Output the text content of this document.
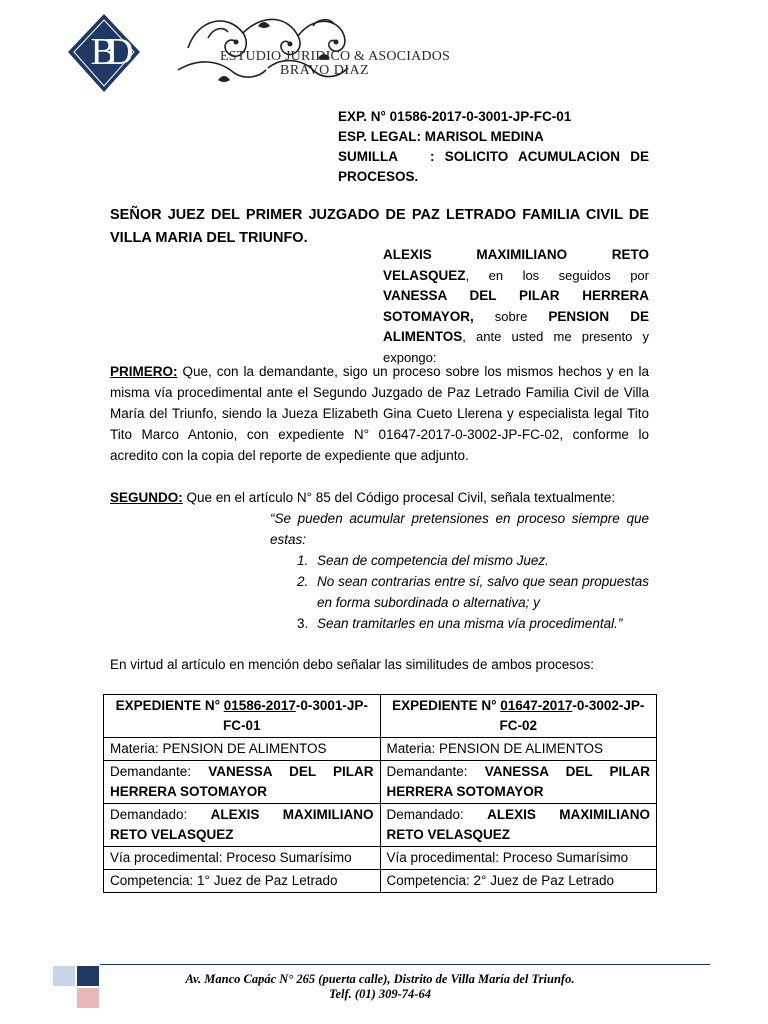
BD	ESTUDIO JURIDICO & ASOCIADOS
BRAVO DIAZ
EXP. N° 01586-2017-0-3001-JP-FC-01
ESP. LEGAL: MARISOL MEDINA
SUMILLA	: SOLICITO ACUMULACION DE
PROCESOS.
SEÑOR JUEZ DEL PRIMER JUZGADO DE PAZ LETRADO FAMILIA CIVIL DE VILLA MARIA DEL TRIUNFO.
ALEXIS MAXIMILIANO RETO VELASQUEZ, en los seguidos por VANESSA DEL PILAR HERRERA SOTOMAYOR, sobre PENSION DE ALIMENTOS, ante usted me presento y expongo:
PRIMERO: Que, con la demandante, sigo un proceso sobre los mismos hechos y en la misma vía procedimental ante el Segundo Juzgado de Paz Letrado Familia Civil de Villa María del Triunfo, siendo la Jueza Elizabeth Gina Cueto Llerena y especialista legal Tito Tito Marco Antonio, con expediente N° 01647-2017-0-3002-JP-FC-02, conforme lo acredito con la copia del reporte de expediente que adjunto.
SEGUNDO: Que en el artículo N° 85 del Código procesal Civil, señala textualmente:
“Se pueden acumular pretensiones en proceso siempre que estas:
1. Sean de competencia del mismo Juez.
2. No sean contrarias entre sí, salvo que sean propuestas en forma subordinada o alternativa; y
3. Sean tramitarles en una misma vía procedimental.”
En virtud al artículo en mención debo señalar las similitudes de ambos procesos:
EXPEDIENTE N° 01586-2017-0-3001-JP-FC-01	EXPEDIENTE N° 01647-2017-0-3002-JP-FC-02
Materia: PENSION DE ALIMENTOS	Materia: PENSION DE ALIMENTOS
Demandante: VANESSA DEL PILAR HERRERA SOTOMAYOR	Demandante: VANESSA DEL PILAR HERRERA SOTOMAYOR
Demandado: ALEXIS MAXIMILIANO RETO VELASQUEZ	Demandado: ALEXIS MAXIMILIANO RETO VELASQUEZ
Vía procedimental: Proceso Sumarísimo	Vía procedimental: Proceso Sumarísimo
Competencia: 1° Juez de Paz Letrado	Competencia: 2° Juez de Paz Letrado
Av. Manco Capác N° 265 (puerta calle), Distrito de Villa María del Triunfo.
Telf. (01) 309-74-64
